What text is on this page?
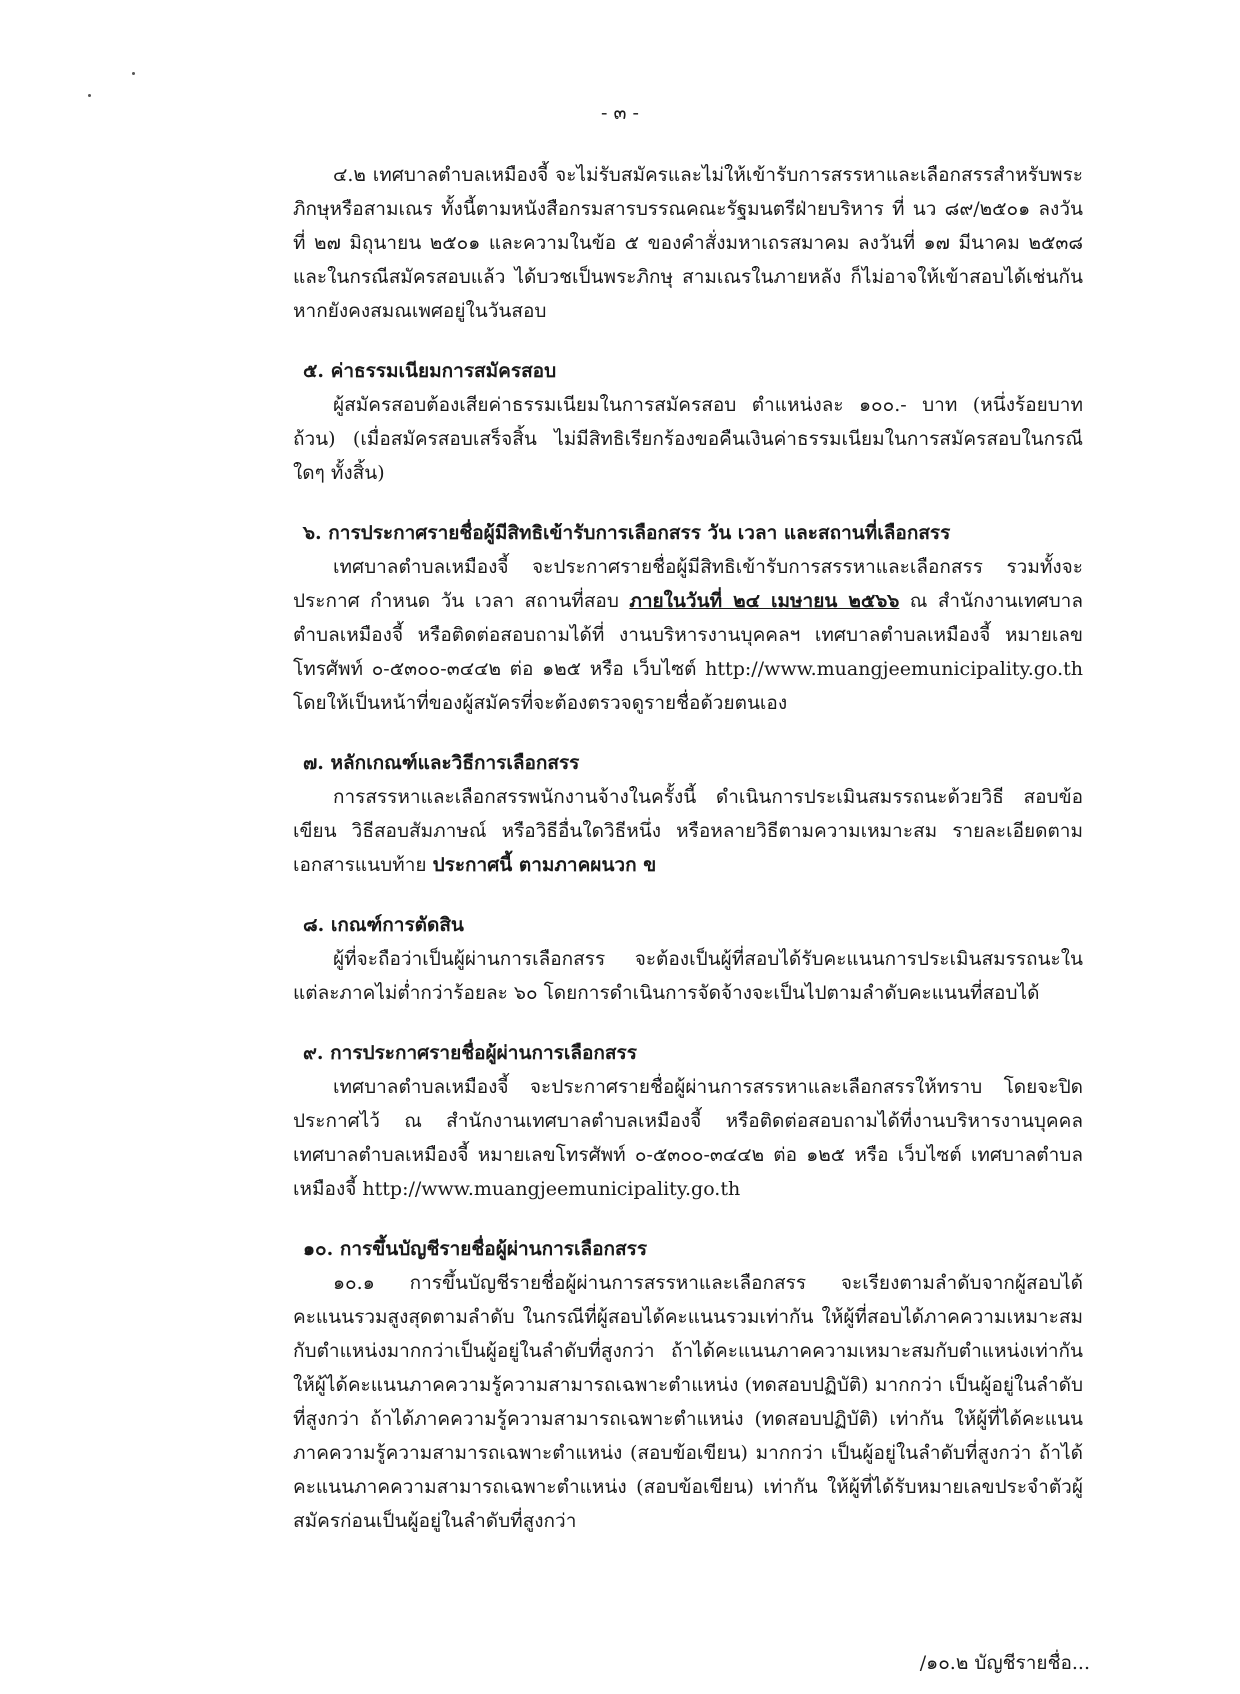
- ๓ -

๔.๒ เทศบาลตำบลเหมืองจี้ จะไม่รับสมัครและไม่ให้เข้ารับการสรรหาและเลือกสรรสำหรับพระภิกษุหรือสามเณร ทั้งนี้ตามหนังสือกรมสารบรรณคณะรัฐมนตรีฝ่ายบริหาร ที่ นว ๘๙/๒๕๐๑ ลงวันที่ ๒๗ มิถุนายน ๒๕๐๑ และความในข้อ ๕ ของคำสั่งมหาเถรสมาคม ลงวันที่ ๑๗ มีนาคม ๒๕๓๘ และในกรณีสมัครสอบแล้ว ได้บวชเป็นพระภิกษุ สามเณรในภายหลัง ก็ไม่อาจให้เข้าสอบได้เช่นกัน หากยังคงสมณเพศอยู่ในวันสอบ

๕. ค่าธรรมเนียมการสมัครสอบ

ผู้สมัครสอบต้องเสียค่าธรรมเนียมในการสมัครสอบ ตำแหน่งละ ๑๐๐.- บาท (หนึ่งร้อยบาทถ้วน) (เมื่อสมัครสอบเสร็จสิ้น ไม่มีสิทธิเรียกร้องขอคืนเงินค่าธรรมเนียมในการสมัครสอบในกรณีใดๆ ทั้งสิ้น)

๖. การประกาศรายชื่อผู้มีสิทธิเข้ารับการเลือกสรร วัน เวลา และสถานที่เลือกสรร

เทศบาลตำบลเหมืองจี้ จะประกาศรายชื่อผู้มีสิทธิเข้ารับการสรรหาและเลือกสรร รวมทั้งจะประกาศ กำหนด วัน เวลา สถานที่สอบ ภายในวันที่ ๒๔ เมษายน ๒๕๖๖ ณ สำนักงานเทศบาลตำบลเหมืองจี้ หรือติดต่อสอบถามได้ที่ งานบริหารงานบุคคลฯ เทศบาลตำบลเหมืองจี้ หมายเลขโทรศัพท์ ๐-๕๓๐๐-๓๔๔๒ ต่อ ๑๒๕ หรือ เว็บไซต์ http://www.muangjeemunicipality.go.th โดยให้เป็นหน้าที่ของผู้สมัครที่จะต้องตรวจดูรายชื่อด้วยตนเอง

๗. หลักเกณฑ์และวิธีการเลือกสรร

การสรรหาและเลือกสรรพนักงานจ้างในครั้งนี้ ดำเนินการประเมินสมรรถนะด้วยวิธี สอบข้อเขียน วิธีสอบสัมภาษณ์ หรือวิธีอื่นใดวิธีหนึ่ง หรือหลายวิธีตามความเหมาะสม รายละเอียดตามเอกสารแนบท้าย ประกาศนี้ ตามภาคผนวก ข

๘. เกณฑ์การตัดสิน

ผู้ที่จะถือว่าเป็นผู้ผ่านการเลือกสรร จะต้องเป็นผู้ที่สอบได้รับคะแนนการประเมินสมรรถนะในแต่ละภาคไม่ต่ำกว่าร้อยละ ๖๐ โดยการดำเนินการจัดจ้างจะเป็นไปตามลำดับคะแนนที่สอบได้

๙. การประกาศรายชื่อผู้ผ่านการเลือกสรร

เทศบาลตำบลเหมืองจี้ จะประกาศรายชื่อผู้ผ่านการสรรหาและเลือกสรรให้ทราบ โดยจะปิดประกาศไว้ ณ สำนักงานเทศบาลตำบลเหมืองจี้ หรือติดต่อสอบถามได้ที่งานบริหารงานบุคคล เทศบาลตำบลเหมืองจี้ หมายเลขโทรศัพท์ ๐-๕๓๐๐-๓๔๔๒ ต่อ ๑๒๕ หรือ เว็บไซต์ เทศบาลตำบลเหมืองจี้ http://www.muangjeemunicipality.go.th

๑๐. การขึ้นบัญชีรายชื่อผู้ผ่านการเลือกสรร

๑๐.๑ การขึ้นบัญชีรายชื่อผู้ผ่านการสรรหาและเลือกสรร จะเรียงตามลำดับจากผู้สอบได้คะแนนรวมสูงสุดตามลำดับ ในกรณีที่ผู้สอบได้คะแนนรวมเท่ากัน ให้ผู้ที่สอบได้ภาคความเหมาะสมกับตำแหน่งมากกว่าเป็นผู้อยู่ในลำดับที่สูงกว่า ถ้าได้คะแนนภาคความเหมาะสมกับตำแหน่งเท่ากัน ให้ผู้ได้คะแนนภาคความรู้ความสามารถเฉพาะตำแหน่ง (ทดสอบปฏิบัติ) มากกว่า เป็นผู้อยู่ในลำดับที่สูงกว่า ถ้าได้ภาคความรู้ความสามารถเฉพาะตำแหน่ง (ทดสอบปฏิบัติ) เท่ากัน ให้ผู้ที่ได้คะแนนภาคความรู้ความสามารถเฉพาะตำแหน่ง (สอบข้อเขียน) มากกว่า เป็นผู้อยู่ในลำดับที่สูงกว่า ถ้าได้คะแนนภาคความสามารถเฉพาะตำแหน่ง (สอบข้อเขียน) เท่ากัน ให้ผู้ที่ได้รับหมายเลขประจำตัวผู้สมัครก่อนเป็นผู้อยู่ในลำดับที่สูงกว่า

/๑๐.๒ บัญชีรายชื่อ...
